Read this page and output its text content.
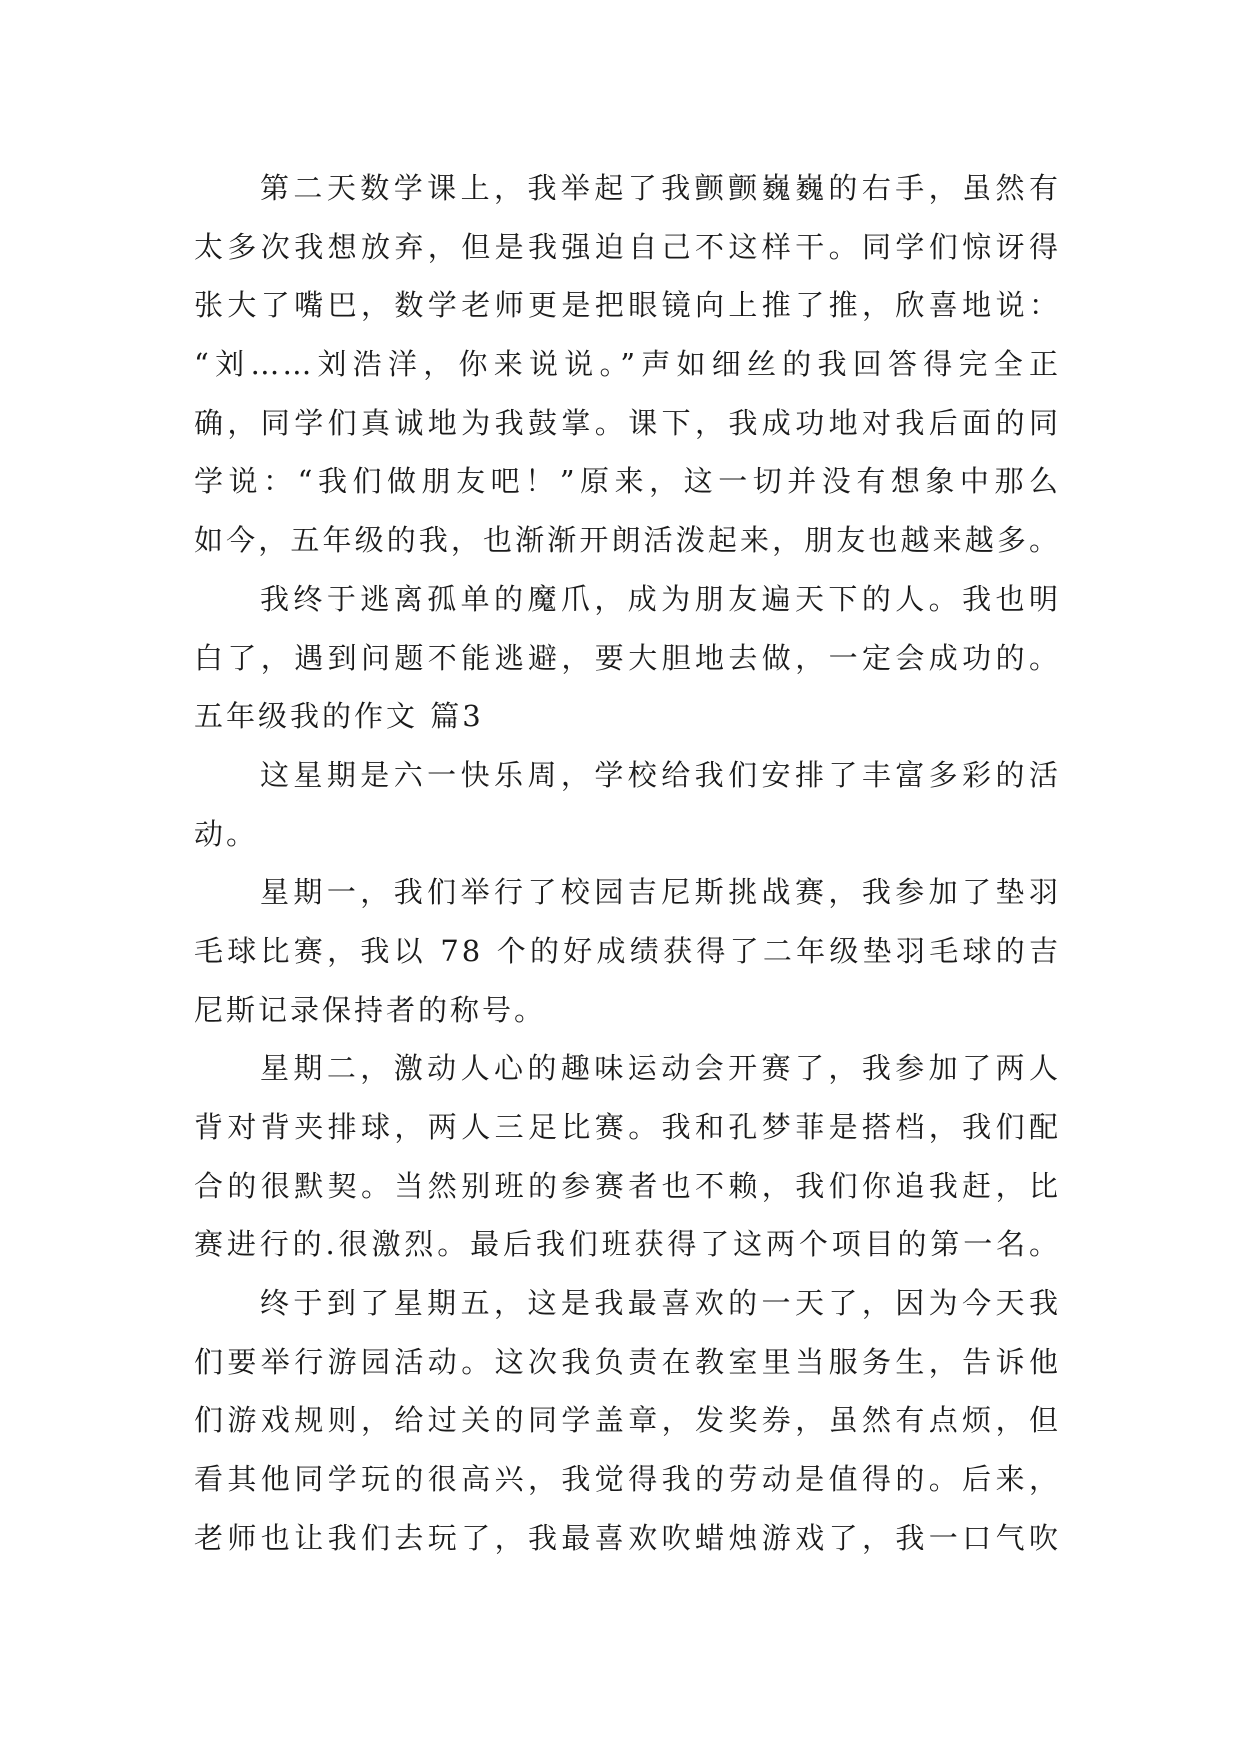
第二天数学课上，我举起了我颤颤巍巍的右手，虽然有
太多次我想放弃，但是我强迫自己不这样干。同学们惊讶得
张大了嘴巴，数学老师更是把眼镜向上推了推，欣喜地说：
“刘……刘浩洋，你来说说。”声如细丝的我回答得完全正
确，同学们真诚地为我鼓掌。课下，我成功地对我后面的同
学说：“我们做朋友吧！”原来，这一切并没有想象中那么
如今，五年级的我，也渐渐开朗活泼起来，朋友也越来越多。
我终于逃离孤单的魔爪，成为朋友遍天下的人。我也明
白了，遇到问题不能逃避，要大胆地去做，一定会成功的。
五年级我的作文 篇3
这星期是六一快乐周，学校给我们安排了丰富多彩的活
动。
星期一，我们举行了校园吉尼斯挑战赛，我参加了垫羽
毛球比赛，我以 78 个的好成绩获得了二年级垫羽毛球的吉
尼斯记录保持者的称号。
星期二，激动人心的趣味运动会开赛了，我参加了两人
背对背夹排球，两人三足比赛。我和孔梦菲是搭档，我们配
合的很默契。当然别班的参赛者也不赖，我们你追我赶，比
赛进行的.很激烈。最后我们班获得了这两个项目的第一名。
终于到了星期五，这是我最喜欢的一天了，因为今天我
们要举行游园活动。这次我负责在教室里当服务生，告诉他
们游戏规则，给过关的同学盖章，发奖券，虽然有点烦，但
看其他同学玩的很高兴，我觉得我的劳动是值得的。后来，
老师也让我们去玩了，我最喜欢吹蜡烛游戏了，我一口气吹
